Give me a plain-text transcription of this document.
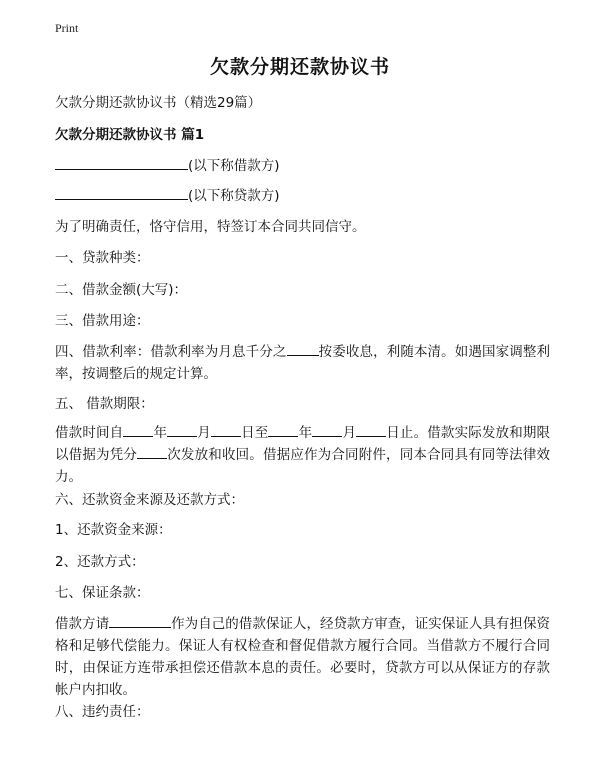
Print
欠款分期还款协议书
欠款分期还款协议书（精选29篇）
欠款分期还款协议书 篇1
(以下称借款方)
(以下称贷款方)
为了明确责任，恪守信用，特签订本合同共同信守。
一、贷款种类：
二、借款金额(大写)：
三、借款用途：
四、借款利率：借款利率为月息千分之 按委收息，利随本清。如遇国家调整利率，按调整后的规定计算。
五、 借款期限：
借款时间自 年 月 日至 年 月 日止。借款实际发放和期限以借据为凭分 次发放和收回。借据应作为合同附件，同本合同具有同等法律效力。
六、还款资金来源及还款方式：
1、还款资金来源：
2、还款方式：
七、保证条款：
借款方请	作为自己的借款保证人，经贷款方审查，证实保证人具有担保资格和足够代偿能力。保证人有权检查和督促借款方履行合同。当借款方不履行合同时，由保证方连带承担偿还借款本息的责任。必要时，贷款方可以从保证方的存款帐户内扣收。
八、违约责任：
